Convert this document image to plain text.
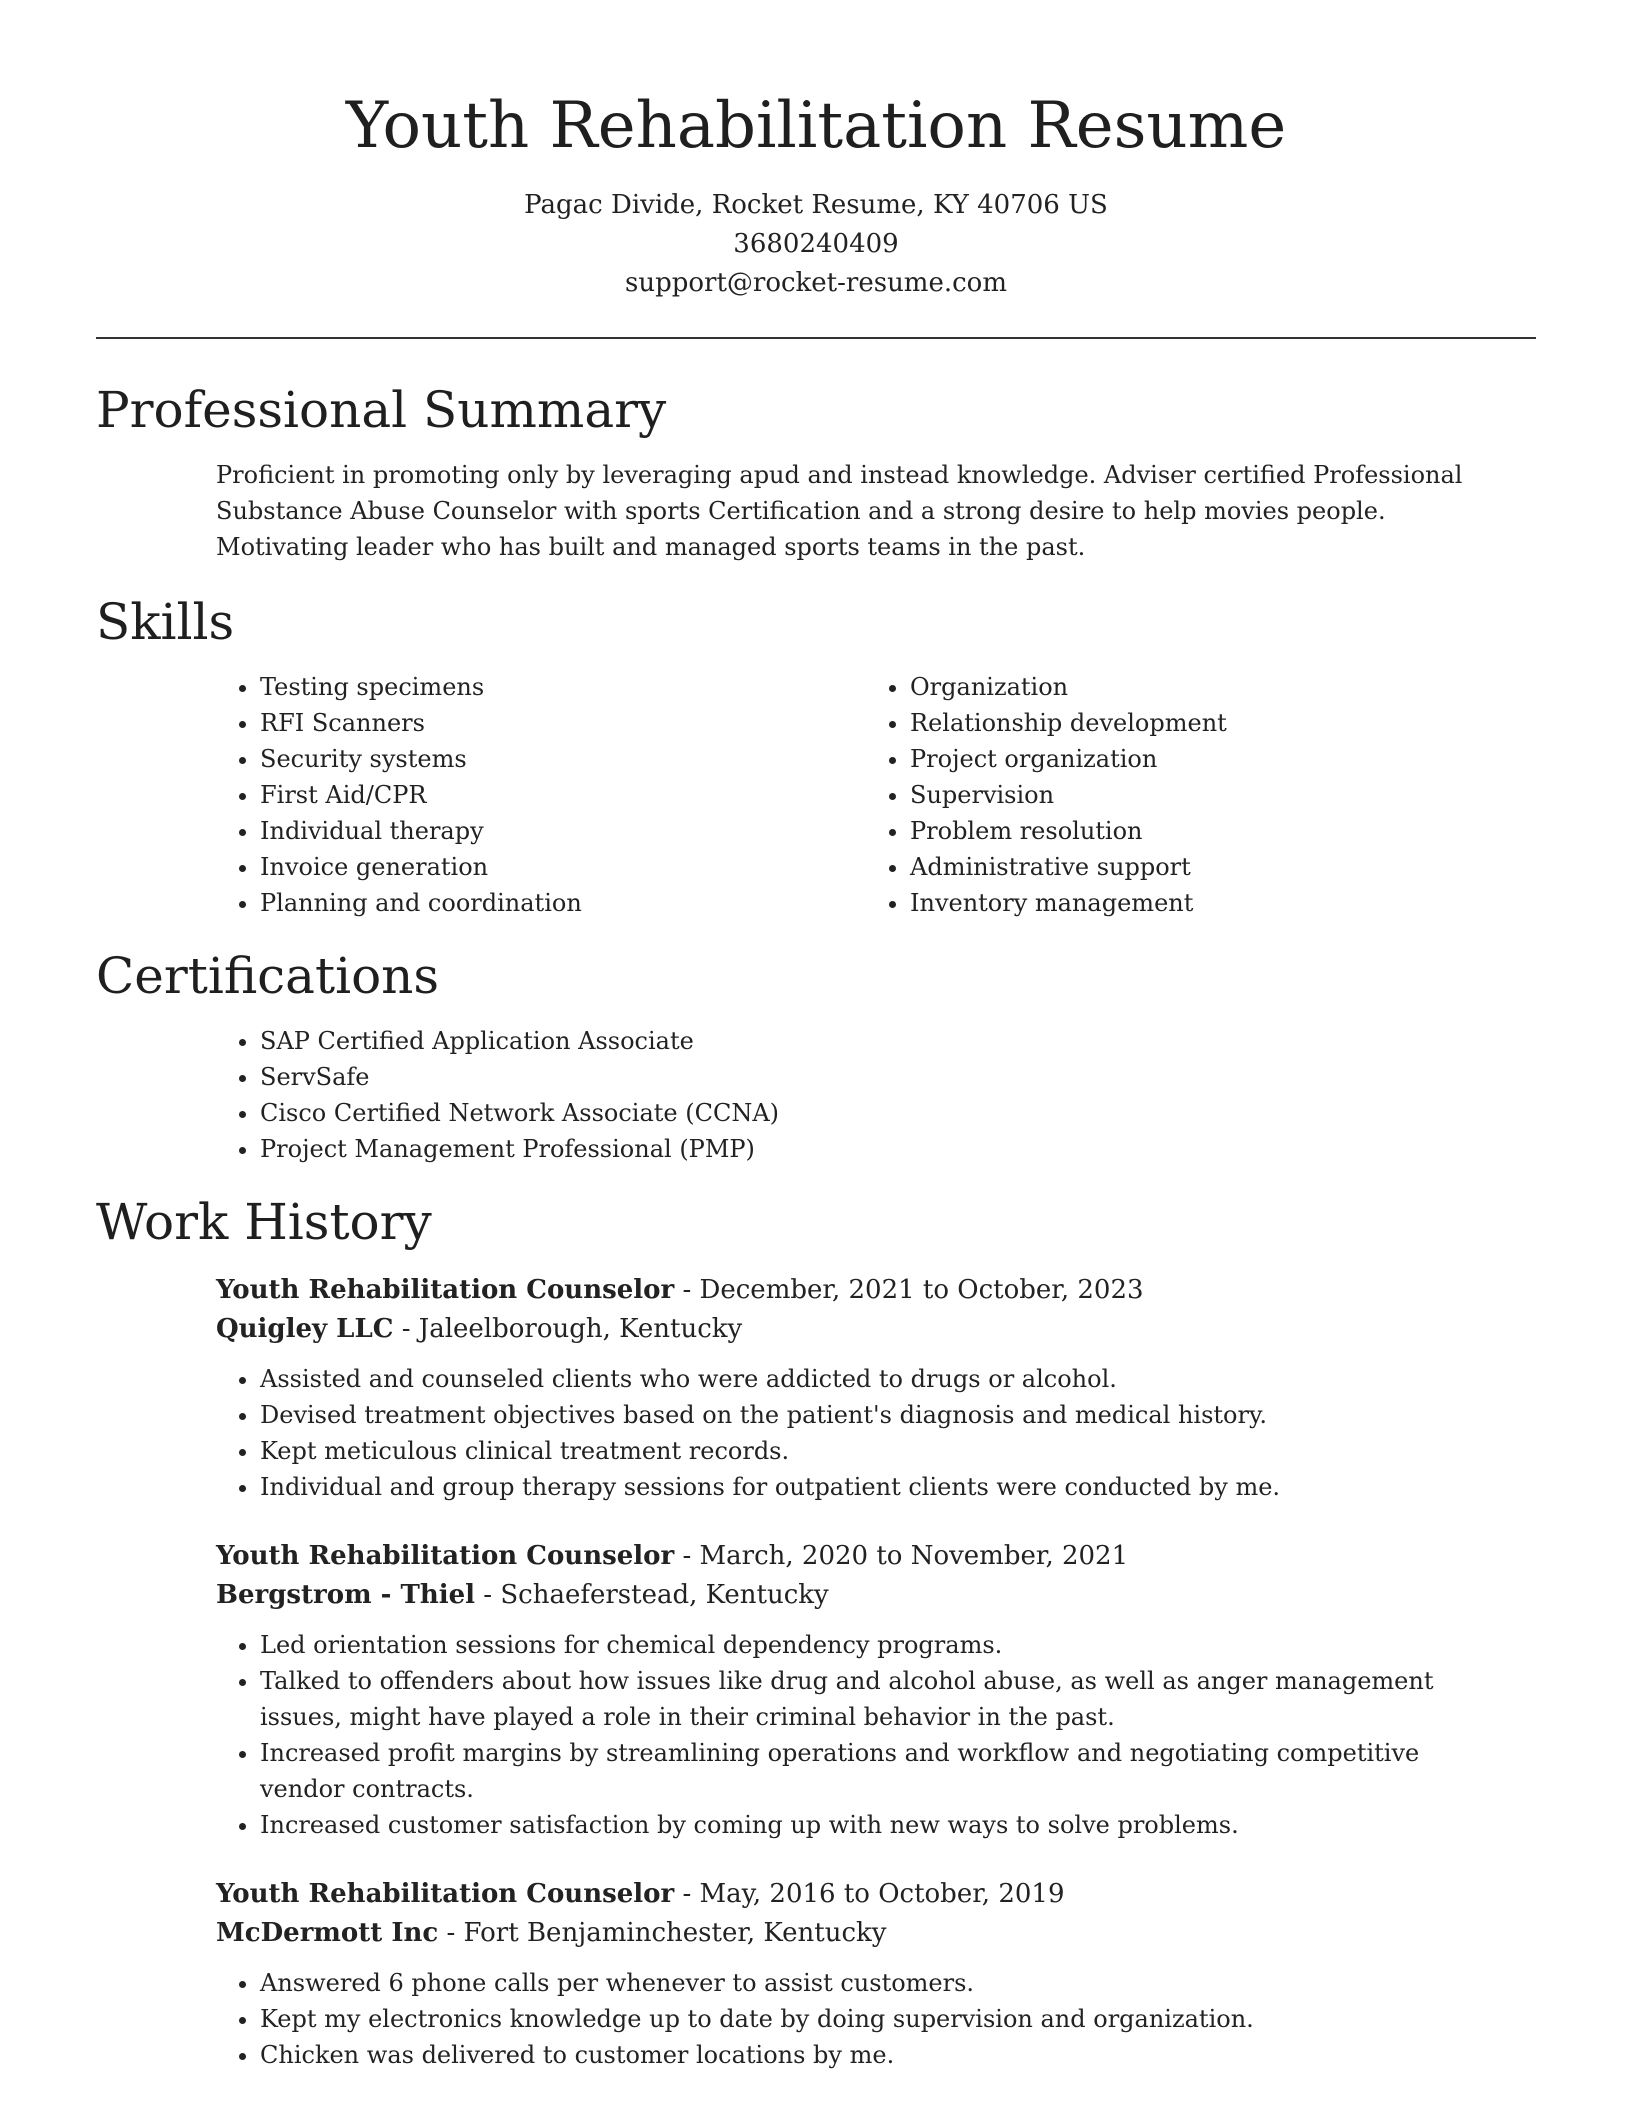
Youth Rehabilitation Resume

Pagac Divide, Rocket Resume, KY 40706 US

3680240409

support@rocket-resume.com

Professional Summary

Proficient in promoting only by leveraging apud and instead knowledge. Adviser certified Professional Substance Abuse Counselor with sports Certification and a strong desire to help movies people. Motivating leader who has built and managed sports teams in the past.

Skills
• Testing specimens
• RFI Scanners
• Security systems
• First Aid/CPR
• Individual therapy
• Invoice generation
• Planning and coordination
• Organization
• Relationship development
• Project organization
• Supervision
• Problem resolution
• Administrative support
• Inventory management
Certifications
• SAP Certified Application Associate
• ServSafe
• Cisco Certified Network Associate (CCNA)
• Project Management Professional (PMP)
Work History

Youth Rehabilitation Counselor - December, 2021 to October, 2023

Quigley LLC - Jaleelborough, Kentucky

• Assisted and counseled clients who were addicted to drugs or alcohol.
• Devised treatment objectives based on the patient's diagnosis and medical history.
• Kept meticulous clinical treatment records.
• Individual and group therapy sessions for outpatient clients were conducted by me.

Youth Rehabilitation Counselor - March, 2020 to November, 2021

Bergstrom - Thiel - Schaeferstead, Kentucky

• Led orientation sessions for chemical dependency programs.
• Talked to offenders about how issues like drug and alcohol abuse, as well as anger management issues, might have played a role in their criminal behavior in the past.
• Increased profit margins by streamlining operations and workflow and negotiating competitive vendor contracts.
• Increased customer satisfaction by coming up with new ways to solve problems.

Youth Rehabilitation Counselor - May, 2016 to October, 2019

McDermott Inc - Fort Benjaminchester, Kentucky

• Answered 6 phone calls per whenever to assist customers.
• Kept my electronics knowledge up to date by doing supervision and organization.
• Chicken was delivered to customer locations by me.
